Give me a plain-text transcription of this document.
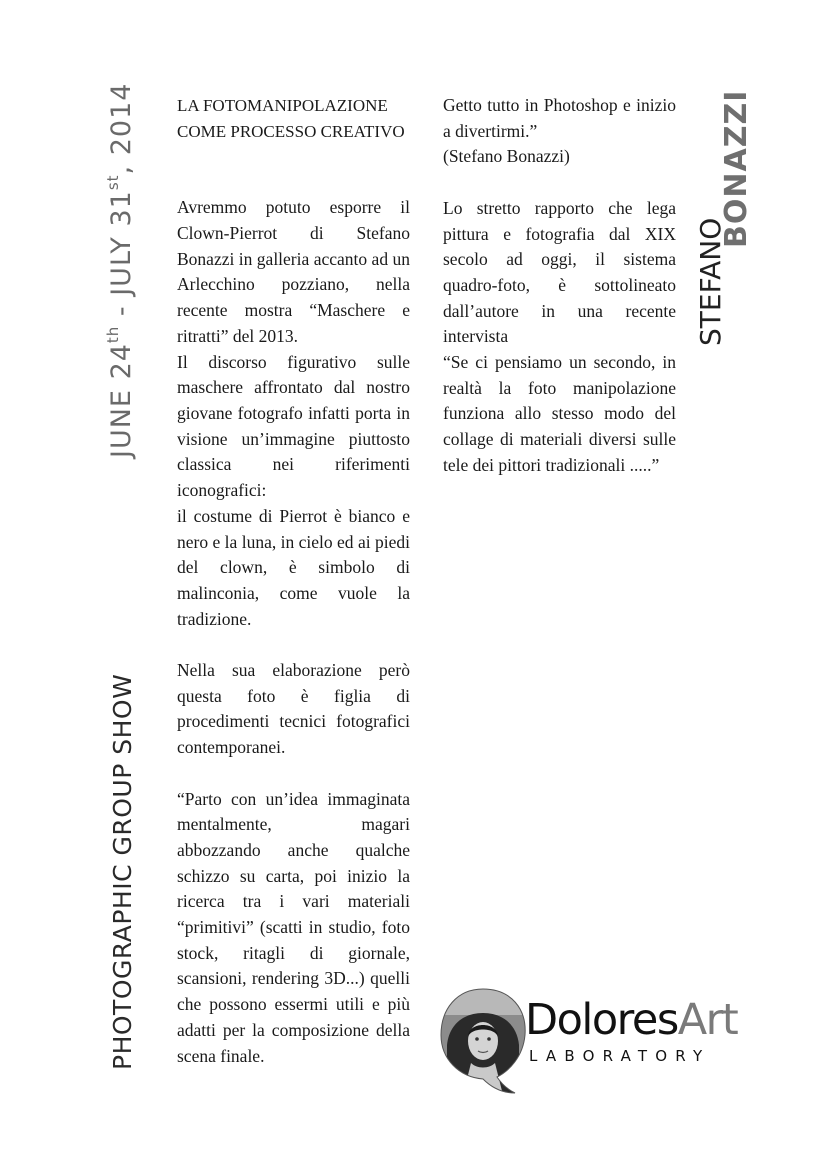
JUNE 24th - JULY 31st, 2014
PHOTOGRAPHIC GROUP SHOW
STEFANO
BONAZZI

LA FOTOMANIPOLAZIONE
COME PROCESSO CREATIVO

Avremmo potuto esporre il Clown-Pierrot di Stefano Bonazzi in galleria accanto ad un Arlecchino pozziano, nella recente mostra “Maschere e ritratti” del 2013.

Il discorso figurativo sulle maschere affrontato dal nostro giovane fotografo infatti porta in visione un’immagine piuttosto classica nei riferimenti iconografici:

il costume di Pierrot è bianco e nero e la luna, in cielo ed ai piedi del clown, è simbolo di malinconia, come vuole la tradizione.

Nella sua elaborazione però questa foto è figlia di procedimenti tecnici fotografici contemporanei.

“Parto con un’idea immaginata mentalmente, magari abbozzando anche qualche schizzo su carta, poi inizio la ricerca tra i vari materiali “primitivi” (scatti in studio, foto stock, ritagli di giornale, scansioni, rendering 3D...) quelli che possono essermi utili e più adatti per la composizione della scena finale.

Getto tutto in Photoshop e inizio a divertirmi.”

(Stefano Bonazzi)

Lo stretto rapporto che lega pittura e fotografia dal XIX secolo ad oggi, il sistema quadro-foto, è sottolineato dall’autore in una recente intervista

“Se ci pensiamo un secondo, in realtà la foto manipolazione funziona allo stesso modo del collage di materiali diversi sulle tele dei pittori tradizionali .....”

DoloresArt
LABORATORY
